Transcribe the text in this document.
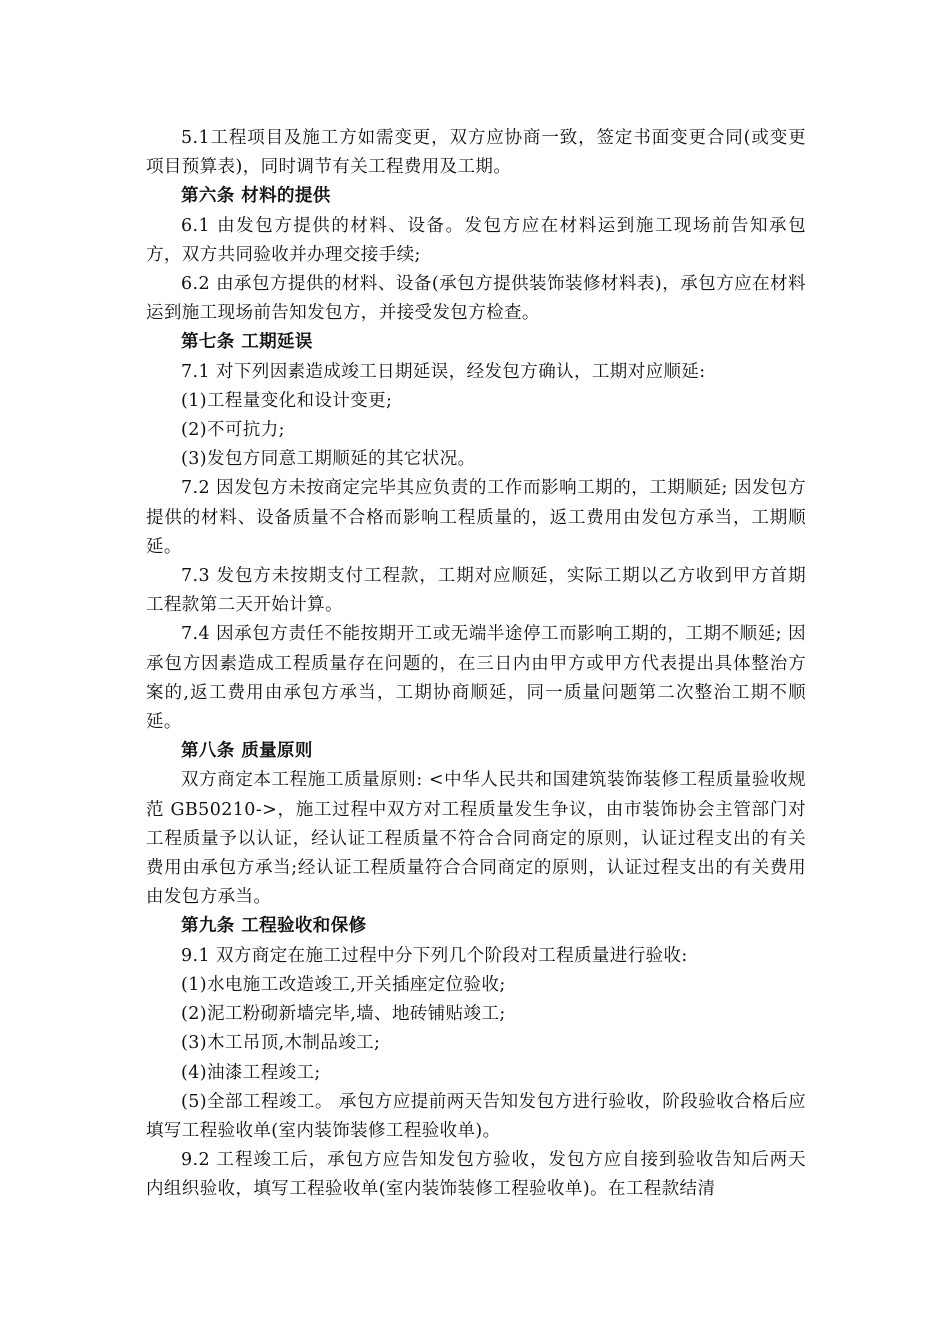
5.1工程项目及施工方如需变更，双方应协商一致，签定书面变更合同(或变更项目预算表)，同时调节有关工程费用及工期。

第六条 材料的提供

6.1 由发包方提供的材料、设备。发包方应在材料运到施工现场前告知承包方，双方共同验收并办理交接手续;

6.2 由承包方提供的材料、设备(承包方提供装饰装修材料表)，承包方应在材料运到施工现场前告知发包方，并接受发包方检查。

第七条 工期延误

7.1 对下列因素造成竣工日期延误，经发包方确认，工期对应顺延:

(1)工程量变化和设计变更;

(2)不可抗力;

(3)发包方同意工期顺延的其它状况。

7.2 因发包方未按商定完毕其应负责的工作而影响工期的，工期顺延; 因发包方提供的材料、设备质量不合格而影响工程质量的，返工费用由发包方承当，工期顺延。

7.3 发包方未按期支付工程款，工期对应顺延，实际工期以乙方收到甲方首期工程款第二天开始计算。

7.4 因承包方责任不能按期开工或无端半途停工而影响工期的，工期不顺延; 因承包方因素造成工程质量存在问题的，在三日内由甲方或甲方代表提出具体整治方案的,返工费用由承包方承当，工期协商顺延，同一质量问题第二次整治工期不顺延。

第八条 质量原则

双方商定本工程施工质量原则: <中华人民共和国建筑装饰装修工程质量验收规范 GB50210->，施工过程中双方对工程质量发生争议，由市装饰协会主管部门对工程质量予以认证，经认证工程质量不符合合同商定的原则，认证过程支出的有关费用由承包方承当;经认证工程质量符合合同商定的原则，认证过程支出的有关费用由发包方承当。

第九条 工程验收和保修

9.1 双方商定在施工过程中分下列几个阶段对工程质量进行验收:

(1)水电施工改造竣工,开关插座定位验收;

(2)泥工粉砌新墙完毕,墙、地砖铺贴竣工;

(3)木工吊顶,木制品竣工;

(4)油漆工程竣工;

(5)全部工程竣工。 承包方应提前两天告知发包方进行验收，阶段验收合格后应填写工程验收单(室内装饰装修工程验收单)。

9.2 工程竣工后，承包方应告知发包方验收，发包方应自接到验收告知后两天内组织验收，填写工程验收单(室内装饰装修工程验收单)。在工程款结清
